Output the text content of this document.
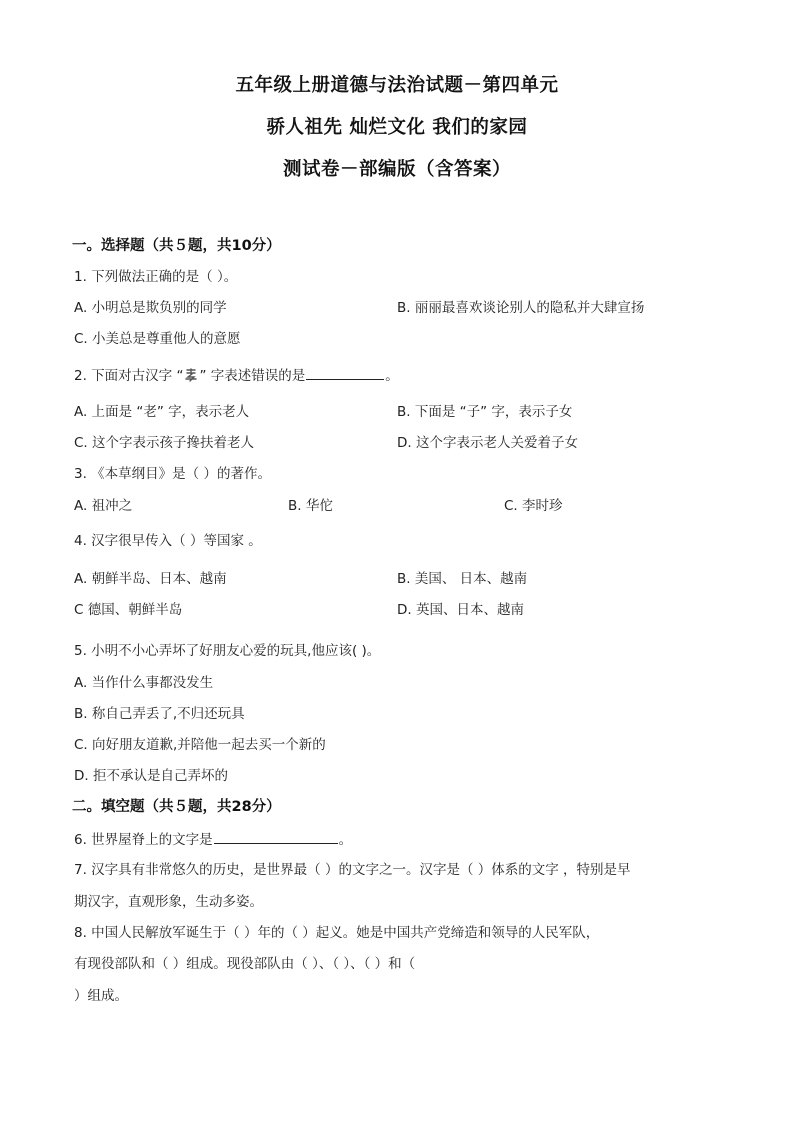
五年级上册道德与法治试题－第四单元
骄人祖先 灿烂文化 我们的家园
测试卷－部编版（含答案）
一。选择题（共５题，共10分）
1. 下列做法正确的是（ ）。
A. 小明总是欺负别的同学	B. 丽丽最喜欢谈论别人的隐私并大肆宣扬
C. 小美总是尊重他人的意愿
2. 下面对古汉字 “ ” 字表述错误的是	。
A. 上面是 “老” 字，表示老人	B. 下面是 “子” 字，表示子女
C. 这个字表示孩子搀扶着老人	D. 这个字表示老人关爱着子女
3. 《本草纲目》是（ ）的著作。
A. 祖冲之	B. 华佗	C. 李时珍
4. 汉字很早传入（ ）等国家 。
A. 朝鲜半岛、日本、越南	B. 美国、 日本、越南
C 德国、朝鲜半岛	D. 英国、日本、越南
5. 小明不小心弄坏了好朋友心爱的玩具,他应该( )。
A. 当作什么事都没发生
B. 称自己弄丢了,不归还玩具
C. 向好朋友道歉,并陪他一起去买一个新的
D. 拒不承认是自己弄坏的
二。填空题（共５题，共28分）
6. 世界屋脊上的文字是	。
7. 汉字具有非常悠久的历史，是世界最（ ）的文字之一。汉字是（ ）体系的文字 ，特别是早
期汉字，直观形象，生动多姿。
8. 中国人民解放军诞生于（ ）年的（ ）起义。她是中国共产党缔造和领导的人民军队，
有现役部队和（ ）组成。现役部队由（ ）、（ ）、（ ）和（
）组成。
